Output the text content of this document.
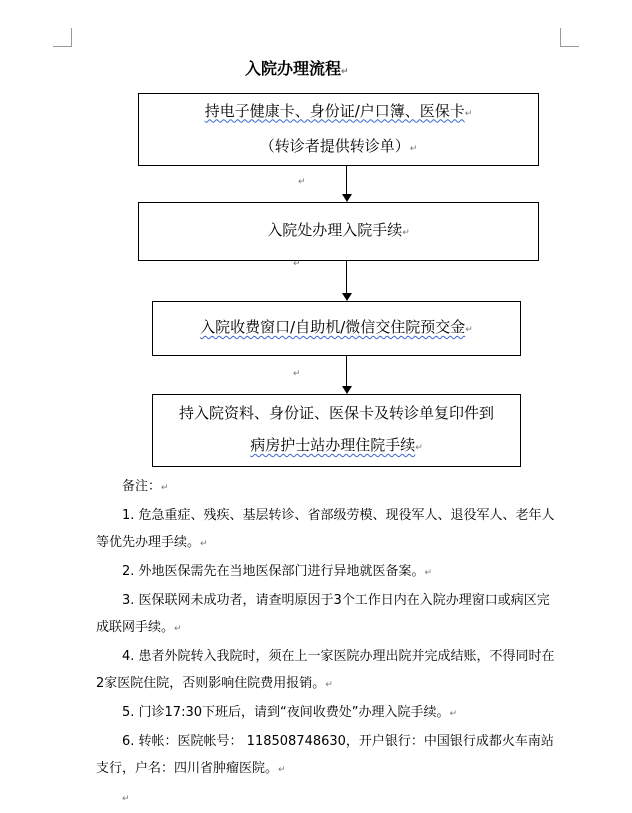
入院办理流程↵
持电子健康卡、身份证/户口簿、医保卡↵
（转诊者提供转诊单）↵
↵
入院处办理入院手续↵
↵
入院收费窗口/自助机/微信交住院预交金↵
↵
持入院资料、身份证、医保卡及转诊单复印件到
病房护士站办理住院手续↵

备注：↵

1. 危急重症、残疾、基层转诊、省部级劳模、现役军人、退役军人、老年人等优先办理手续。↵

2. 外地医保需先在当地医保部门进行异地就医备案。↵

3. 医保联网未成功者，请查明原因于3个工作日内在入院办理窗口或病区完成联网手续。↵

4. 患者外院转入我院时，须在上一家医院办理出院并完成结账，不得同时在2家医院住院，否则影响住院费用报销。↵

5. 门诊17:30下班后，请到“夜间收费处”办理入院手续。↵

6. 转帐：医院帐号： 118508748630，开户银行：中国银行成都火车南站支行，户名：四川省肿瘤医院。↵

↵
